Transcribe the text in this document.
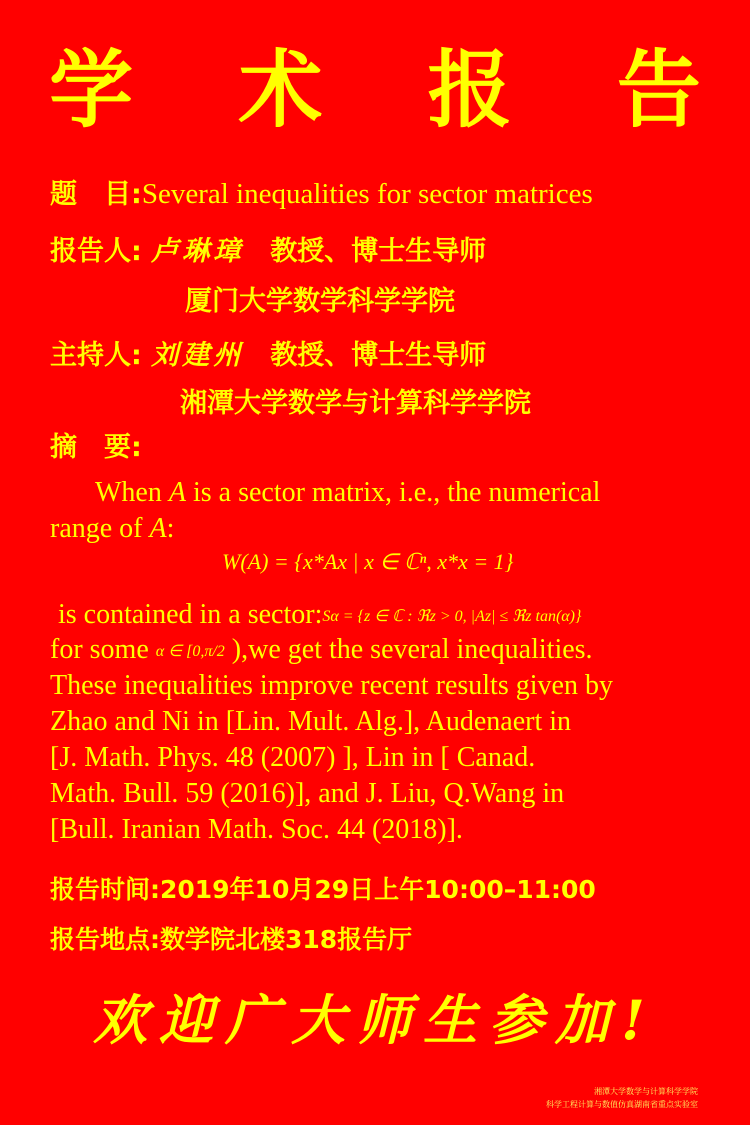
学 术 报 告
题　目:Several inequalities for sector matrices
报告人: 卢琳璋 教授、博士生导师
厦门大学数学科学学院
主持人: 刘建州 教授、博士生导师
湘潭大学数学与计算科学学院
摘　要:
When A is a sector matrix, i.e., the numerical
range of A:
W(A) = {x*Ax | x ∈ ℂⁿ, x*x = 1}
is contained in a sector:Sα = {z ∈ ℂ : ℜz > 0, |Az| ≤ ℜz tan(α)}
for some α ∈ [0,π/2 ),we get the several inequalities.
These inequalities improve recent results given by
Zhao and Ni in [Lin. Mult. Alg.], Audenaert in
[J. Math. Phys. 48 (2007) ], Lin in [ Canad.
Math. Bull. 59 (2016)], and J. Liu, Q.Wang in
[Bull. Iranian Math. Soc. 44 (2018)].
报告时间:2019年10月29日上午10:00–11:00
报告地点:数学院北楼318报告厅
欢迎广大师生参加!
湘潭大学数学与计算科学学院
科学工程计算与数值仿真湖南省重点实验室
